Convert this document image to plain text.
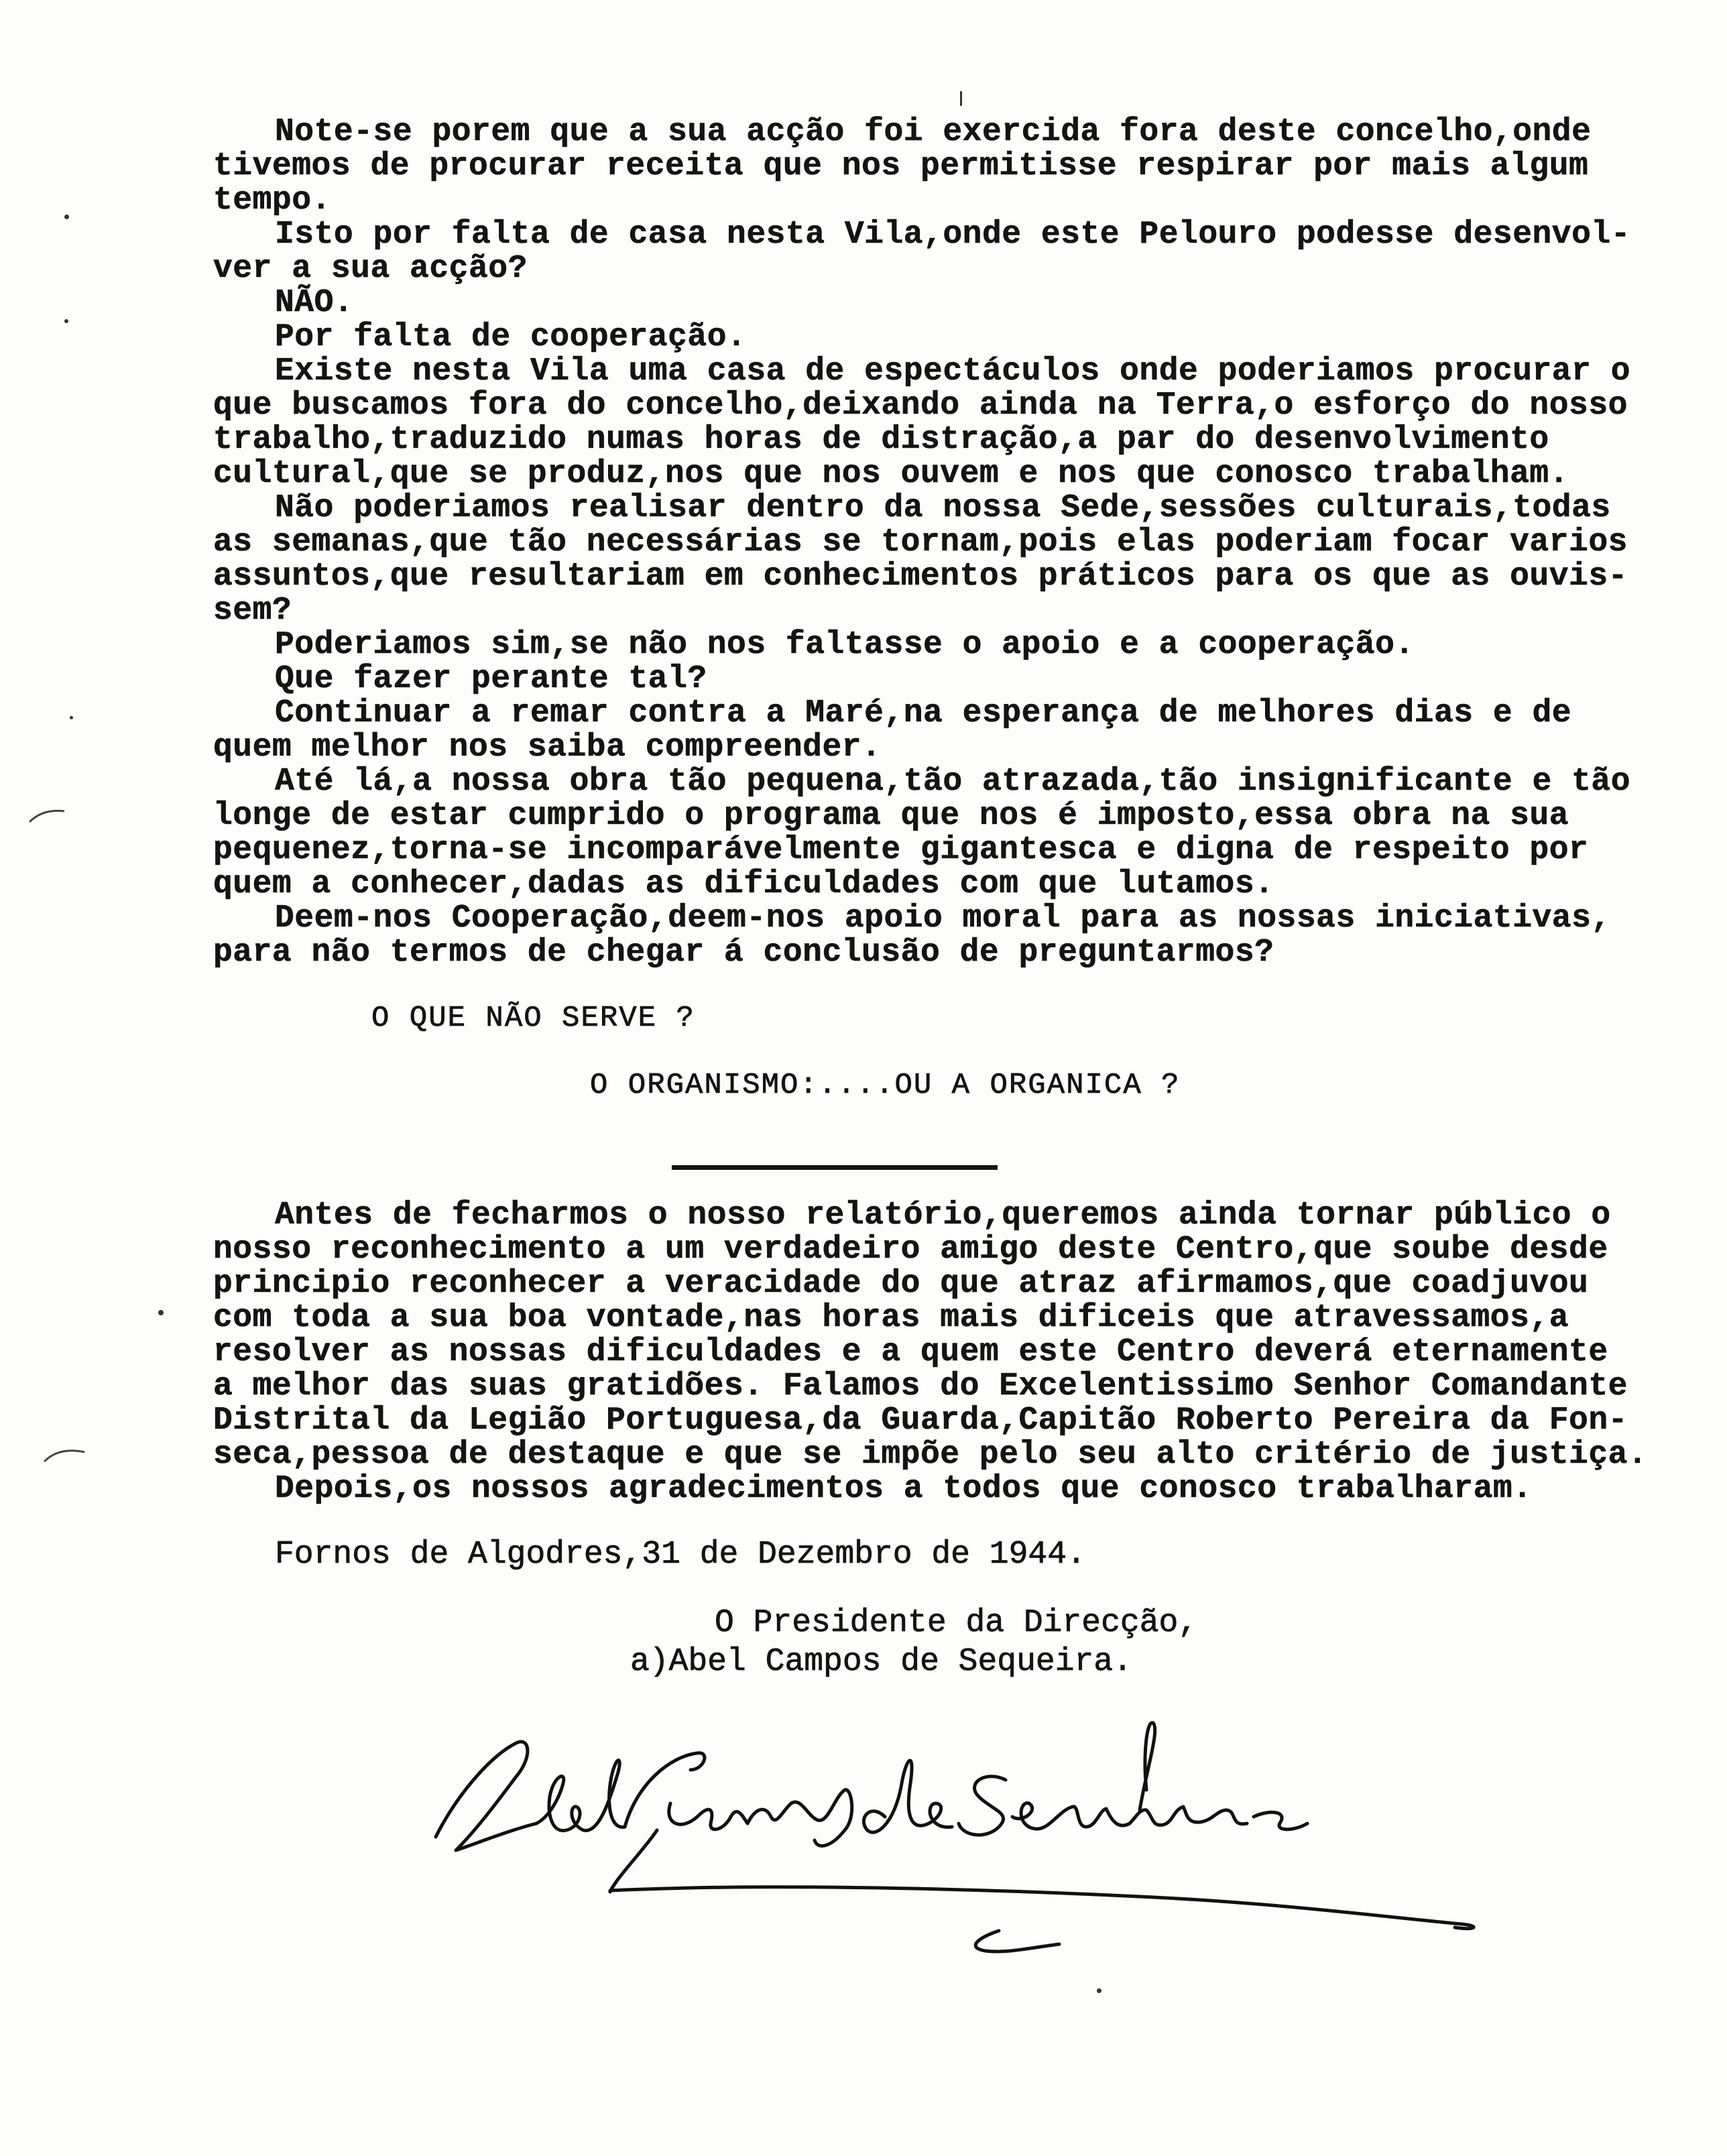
Note-se porem que a sua acção foi exercida fora deste concelho,onde
tivemos de procurar receita que nos permitisse respirar por mais algum
tempo.
Isto por falta de casa nesta Vila,onde este Pelouro podesse desenvol-
ver a sua acção?
NÃO.
Por falta de cooperação.
Existe nesta Vila uma casa de espectáculos onde poderiamos procurar o
que buscamos fora do concelho,deixando ainda na Terra,o esforço do nosso
trabalho,traduzido numas horas de distração,a par do desenvolvimento
cultural,que se produz,nos que nos ouvem e nos que conosco trabalham.
Não poderiamos realisar dentro da nossa Sede,sessões culturais,todas
as semanas,que tão necessárias se tornam,pois elas poderiam focar varios
assuntos,que resultariam em conhecimentos práticos para os que as ouvis-
sem?
Poderiamos sim,se não nos faltasse o apoio e a cooperação.
Que fazer perante tal?
Continuar a remar contra a Maré,na esperança de melhores dias e de
quem melhor nos saiba compreender.
Até lá,a nossa obra tão pequena,tão atrazada,tão insignificante e tão
longe de estar cumprido o programa que nos é imposto,essa obra na sua
pequenez,torna-se incomparávelmente gigantesca e digna de respeito por
quem a conhecer,dadas as dificuldades com que lutamos.
Deem-nos Cooperação,deem-nos apoio moral para as nossas iniciativas,
para não termos de chegar á conclusão de preguntarmos?
O QUE NÃO SERVE ?
O ORGANISMO:....OU A ORGANICA ?
Antes de fecharmos o nosso relatório,queremos ainda tornar público o
nosso reconhecimento a um verdadeiro amigo deste Centro,que soube desde
principio reconhecer a veracidade do que atraz afirmamos,que coadjuvou
com toda a sua boa vontade,nas horas mais dificeis que atravessamos,a
resolver as nossas dificuldades e a quem este Centro deverá eternamente
a melhor das suas gratidões. Falamos do Excelentissimo Senhor Comandante
Distrital da Legião Portuguesa,da Guarda,Capitão Roberto Pereira da Fon-
seca,pessoa de destaque e que se impõe pelo seu alto critério de justiça.
Depois,os nossos agradecimentos a todos que conosco trabalharam.
Fornos de Algodres,31 de Dezembro de 1944.
O Presidente da Direcção,
a)Abel Campos de Sequeira.
